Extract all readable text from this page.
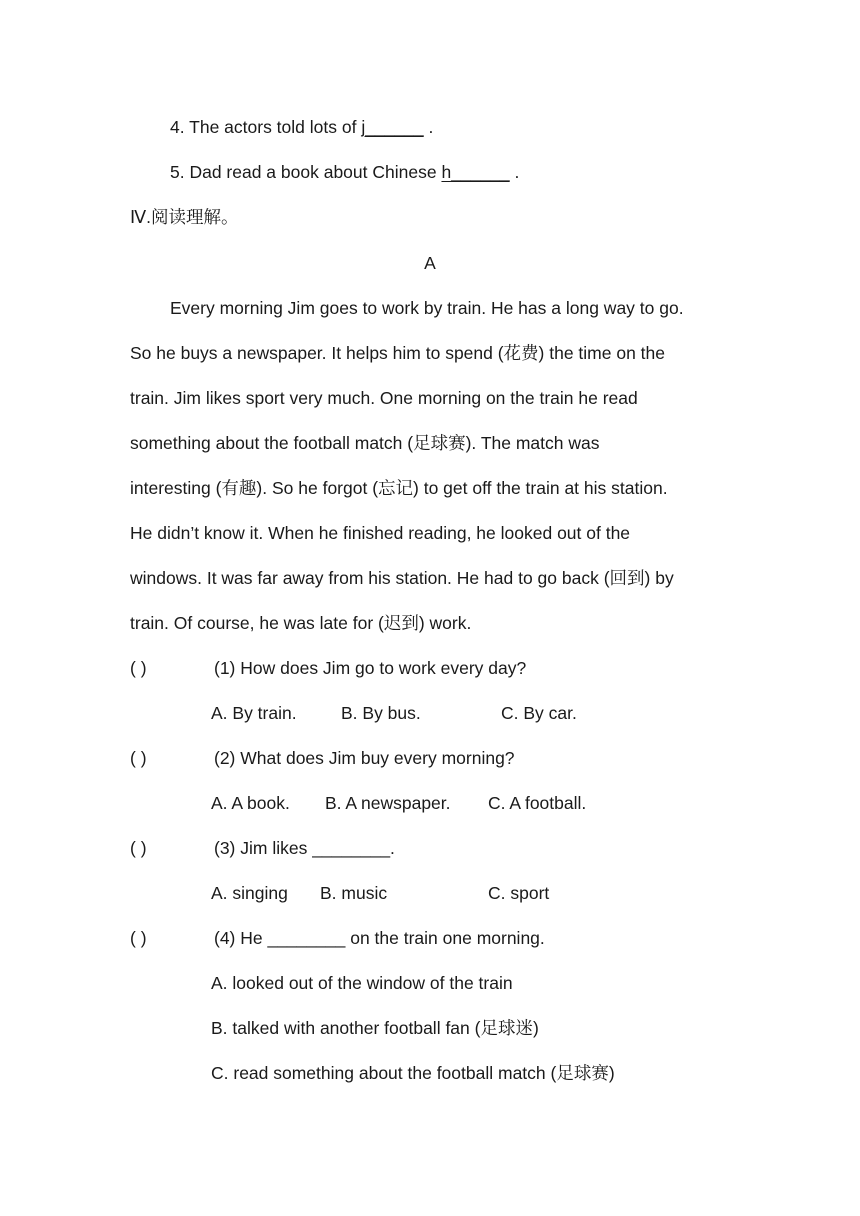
4. The actors told lots of j______ .
5. Dad read a book about Chinese h______ .
Ⅳ.阅读理解。
A
Every morning Jim goes to work by train. He has a long way to go.
So he buys a newspaper. It helps him to spend (花费) the time on the
train. Jim likes sport very much. One morning on the train he read
something about the football match (足球赛). The match was
interesting (有趣). So he forgot (忘记) to get off the train at his station.
He didn’t know it. When he finished reading, he looked out of the
windows. It was far away from his station. He had to go back (回到) by
train. Of course, he was late for (迟到) work.
( )	(1) How does Jim go to work every day?
A. By train.	B. By bus.	C. By car.
( )	(2) What does Jim buy every morning?
A. A book. B. A newspaper. C. A football.
( )	(3) Jim likes ________.
A. singing B. music	C. sport
( )	(4) He ________ on the train one morning.
A. looked out of the window of the train
B. talked with another football fan (足球迷)
C. read something about the football match (足球赛)
